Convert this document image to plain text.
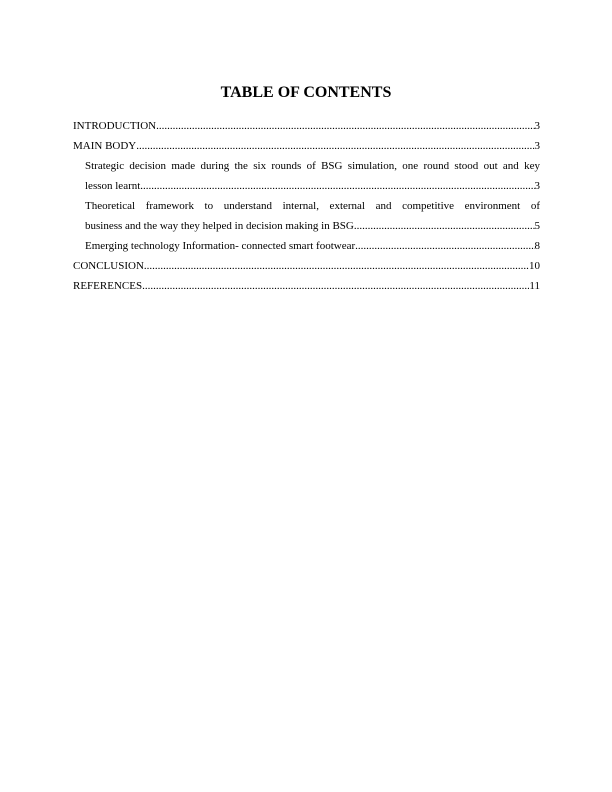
TABLE OF CONTENTS
INTRODUCTION .....	3
MAIN BODY .....	3
Strategic decision made during the six rounds of BSG simulation, one round stood out and key
lesson learnt .....	3
Theoretical framework to understand internal, external and competitive environment of
business and the way they helped in decision making in BSG .....	5
Emerging technology Information- connected smart footwear .....	8
CONCLUSION .....	10
REFERENCES .....	11
